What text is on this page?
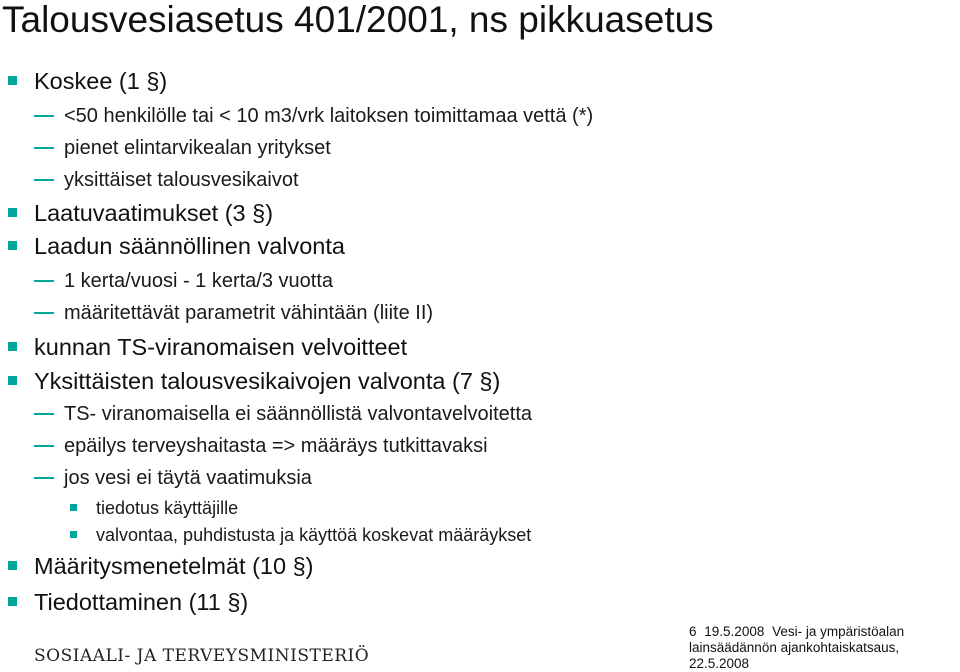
Talousvesiasetus 401/2001, ns pikkuasetus
Koskee (1 §)
<50 henkilölle tai < 10 m3/vrk laitoksen toimittamaa vettä (*)
pienet elintarvikealan yritykset
yksittäiset talousvesikaivot
Laatuvaatimukset (3 §)
Laadun säännöllinen valvonta
1 kerta/vuosi - 1 kerta/3 vuotta
määritettävät parametrit vähintään (liite II)
kunnan TS-viranomaisen velvoitteet
Yksittäisten talousvesikaivojen valvonta (7 §)
TS- viranomaisella ei säännöllistä valvontavelvoitetta
epäilys terveyshaitasta => määräys tutkittavaksi
jos vesi ei täytä vaatimuksia
tiedotus käyttäjille
valvontaa, puhdistusta ja käyttöä koskevat määräykset
Määritysmenetelmät (10 §)
Tiedottaminen (11 §)
SOSIAALI- JA TERVEYSMINISTERIÖ
6 19.5.2008 Vesi- ja ympäristöalan
lainsäädännön ajankohtaiskatsaus,
22.5.2008
